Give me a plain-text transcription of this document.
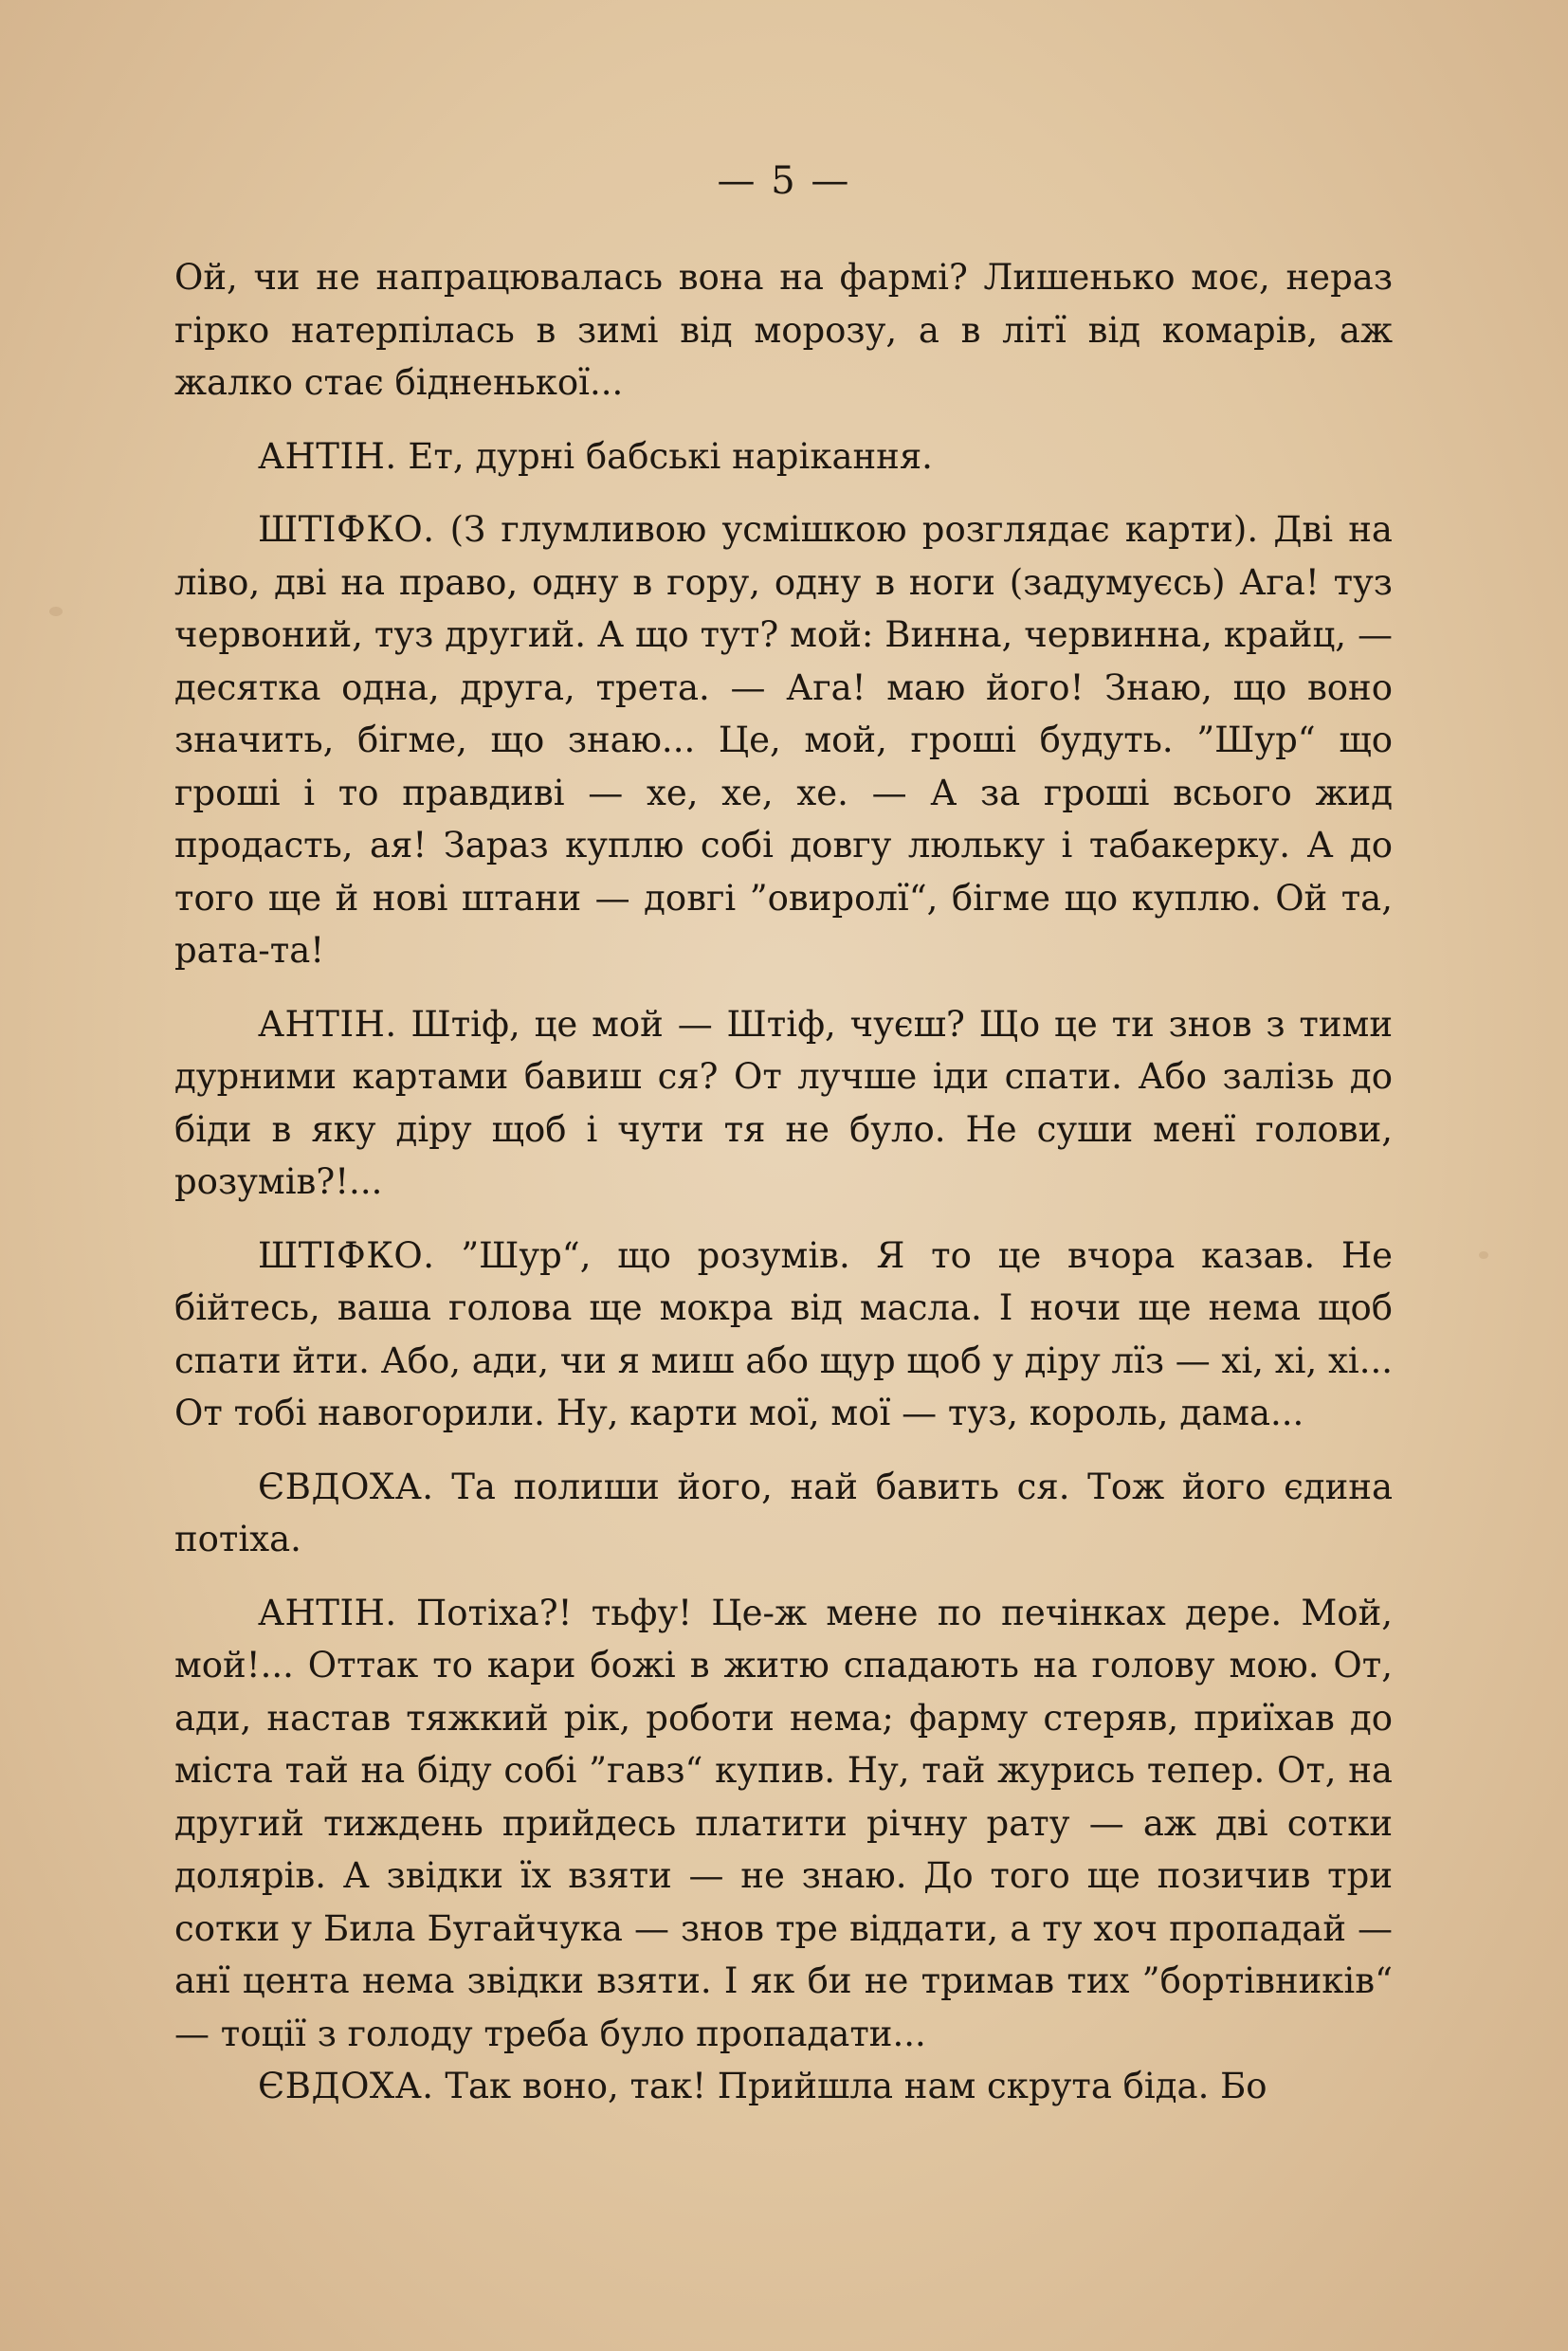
— 5 —

Ой, чи не напрацювалась вона на фармі? Лишенько моє, нераз гірко натерпілась в зимі від морозу, а в літї від комарів, аж жалко стає бідненької...

АНТІН. Ет, дурні бабські нарікання.

ШТІФКО. (З глумливою усмішкою розглядає карти). Дві на ліво, дві на право, одну в гору, одну в ноги (задумуєсь) Ага! туз червоний, туз другий. А що тут? мой: Винна, червинна, крайц, — десятка одна, друга, трета. — Ага! маю його! Знаю, що воно значить, бігме, що знаю... Це, мой, гроші будуть. ”Шур“ що гроші і то правдиві — хе, хе, хе. — А за гроші всього жид продасть, ая! Зараз куплю собі довгу люльку і табакерку. А до того ще й нові штани — довгі ”овиролї“, бігме що куплю. Ой та, рата-та!

АНТІН. Штіф, це мой — Штіф, чуєш? Що це ти знов з тими дурними картами бавиш ся? От лучше іди спати. Або залізь до біди в яку діру щоб і чути тя не було. Не суши менї голови, розумів?!...

ШТІФКО. ”Шур“, що розумів. Я то це вчора казав. Не бійтесь, ваша голова ще мокра від масла. І ночи ще нема щоб спати йти. Або, ади, чи я миш або щур щоб у діру лїз — хі, хі, хі... От тобі навогорили. Ну, карти мої, мої — туз, король, дама...

ЄВДОХА. Та полиши його, най бавить ся. Тож його єдина потіха.

АНТІН. Потіха?! тьфу! Це-ж мене по печінках дере. Мой, мой!... Оттак то кари божі в житю спадають на голову мою. От, ади, настав тяжкий рік, роботи нема; фарму стеряв, приїхав до міста тай на біду собі ”гавз“ купив. Ну, тай журись тепер. От, на другий тиждень прийдесь платити річну рату — аж дві сотки долярів. А звідки їх взяти — не знаю. До того ще позичив три сотки у Била Бугайчука — знов тре віддати, а ту хоч пропадай — анї цента нема звідки взяти. І як би не тримав тих ”бортівників“ — тоції з голоду треба було пропадати...

ЄВДОХА. Так воно, так! Прийшла нам скрута біда. Бо
